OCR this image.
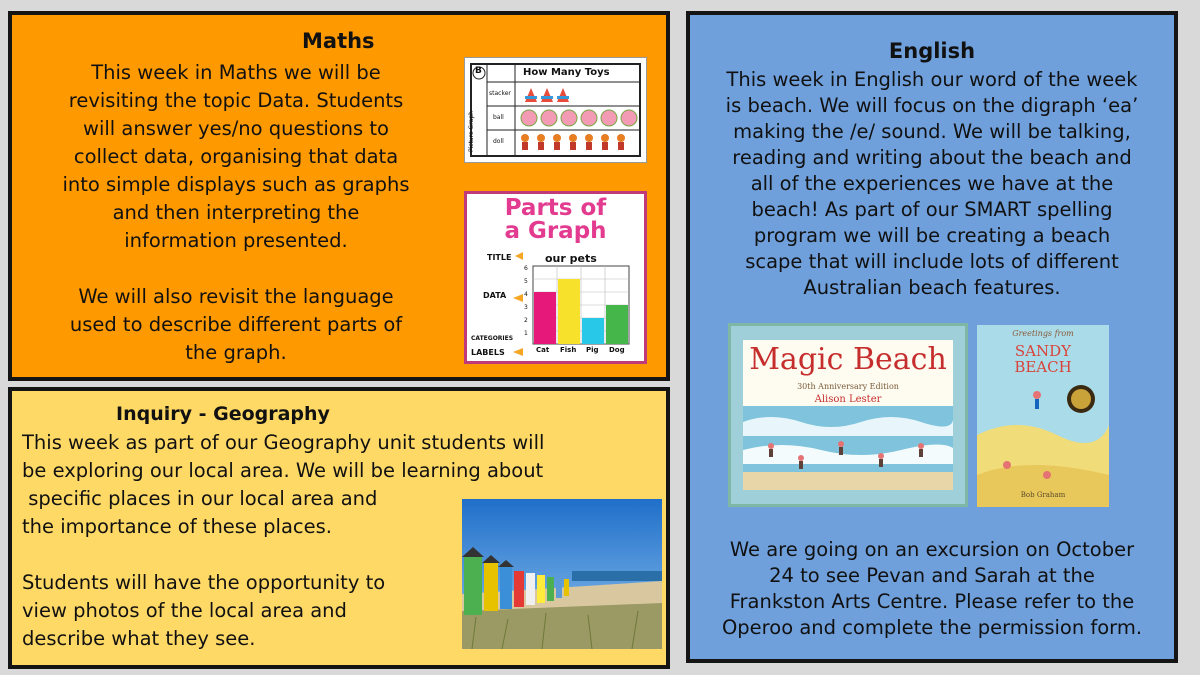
Maths
This week in Maths we will be
revisiting the topic Data. Students
will answer yes/no questions to
collect data, organising that data
into simple displays such as graphs
and then interpreting the
information presented.
We will also revisit the language
used to describe different parts of
the graph.
B	How Many Toys
stacker
ball
doll
Picture Graph
Parts of
a Graph
TITLE	our pets
DATA
CATEGORIES
LABELS
6
5
4
3
2
1
Cat Fish Pig Dog
Inquiry - Geography
This week as part of our Geography unit students will
be exploring our local area. We will be learning about
specific places in our local area and
the importance of these places.
Students will have the opportunity to
view photos of the local area and
describe what they see.
English
This week in English our word of the week
is beach. We will focus on the digraph ‘ea’
making the /e/ sound. We will be talking,
reading and writing about the beach and
all of the experiences we have at the
beach! As part of our SMART spelling
program we will be creating a beach
scape that will include lots of different
Australian beach features.
Magic Beach
30th Anniversary Edition
Alison Lester
Greetings from
SANDY
BEACH
Bob Graham
We are going on an excursion on October
24 to see Pevan and Sarah at the
Frankston Arts Centre. Please refer to the
Operoo and complete the permission form.
